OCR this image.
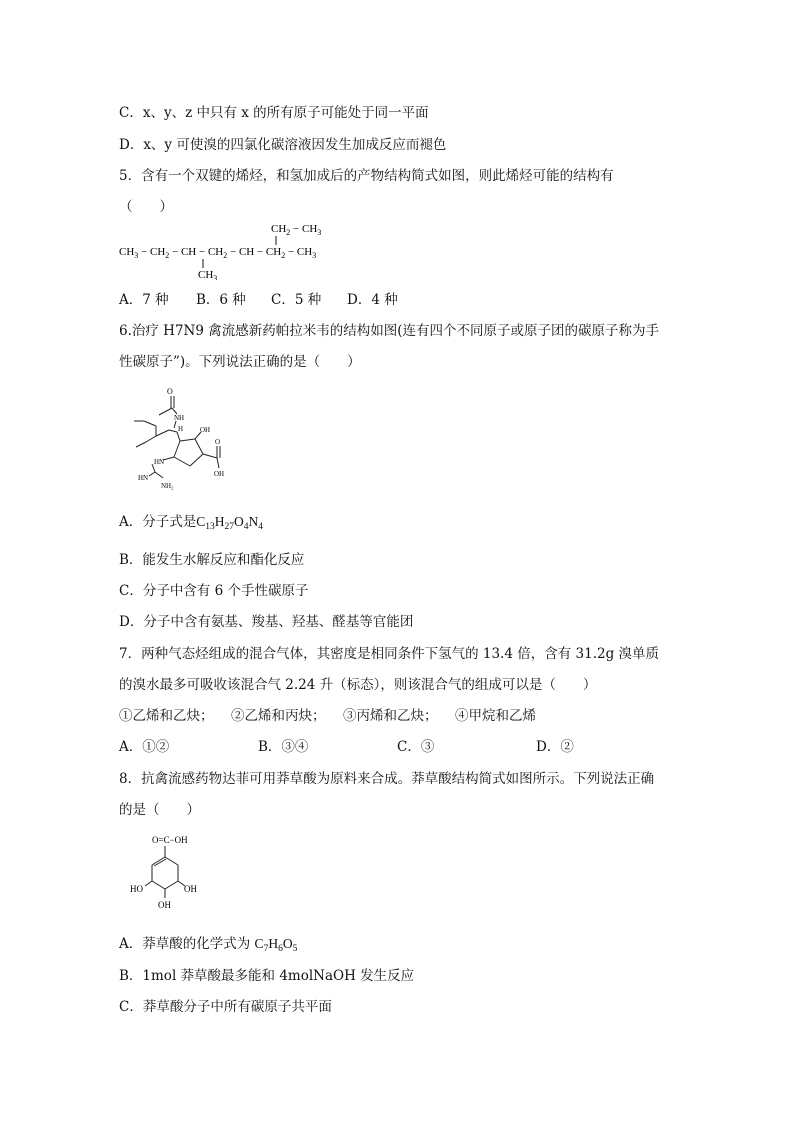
C．x、y、z 中只有 x 的所有原子可能处于同一平面
D．x、y 可使溴的四氯化碳溶液因发生加成反应而褪色
5．含有一个双键的烯烃，和氢加成后的产物结构简式如图，则此烯烃可能的结构有
（　　）
$CH_2 - CH_3$
$CH_3 - CH_2$ − CH − $CH_2$ − CH − $CH_2 - CH_3$
$CH_3$
A．7 种 B．6 种 C．5 种 D．4 种
6.治疗 H7N9 禽流感新药帕拉米韦的结构如图(连有四个不同原子或原子团的碳原子称为手
性碳原子”)。下列说法正确的是（　　）
O
NH
H OH
O
OH
HN
HN
NH₂
A．分子式是$C_{13}H_{27}O_4N_4$
B．能发生水解反应和酯化反应
C．分子中含有 6 个手性碳原子
D．分子中含有氨基、羧基、羟基、醛基等官能团
7．两种气态烃组成的混合气体，其密度是相同条件下氢气的 13.4 倍，含有 31.2g 溴单质
的溴水最多可吸收该混合气 2.24 升（标态），则该混合气的组成可以是（　　）
①乙烯和乙炔； ②乙烯和丙炔； ③丙烯和乙炔； ④甲烷和乙烯
A．①②	B．③④	C．③	D．②
8．抗禽流感药物达菲可用莽草酸为原料来合成。莽草酸结构简式如图所示。下列说法正确
的是（　　）
O=C−OH
HO	OH
OH
A．莽草酸的化学式为 $C_7H_6O_5$
B．1mol 莽草酸最多能和 4molNaOH 发生反应
C．莽草酸分子中所有碳原子共平面
